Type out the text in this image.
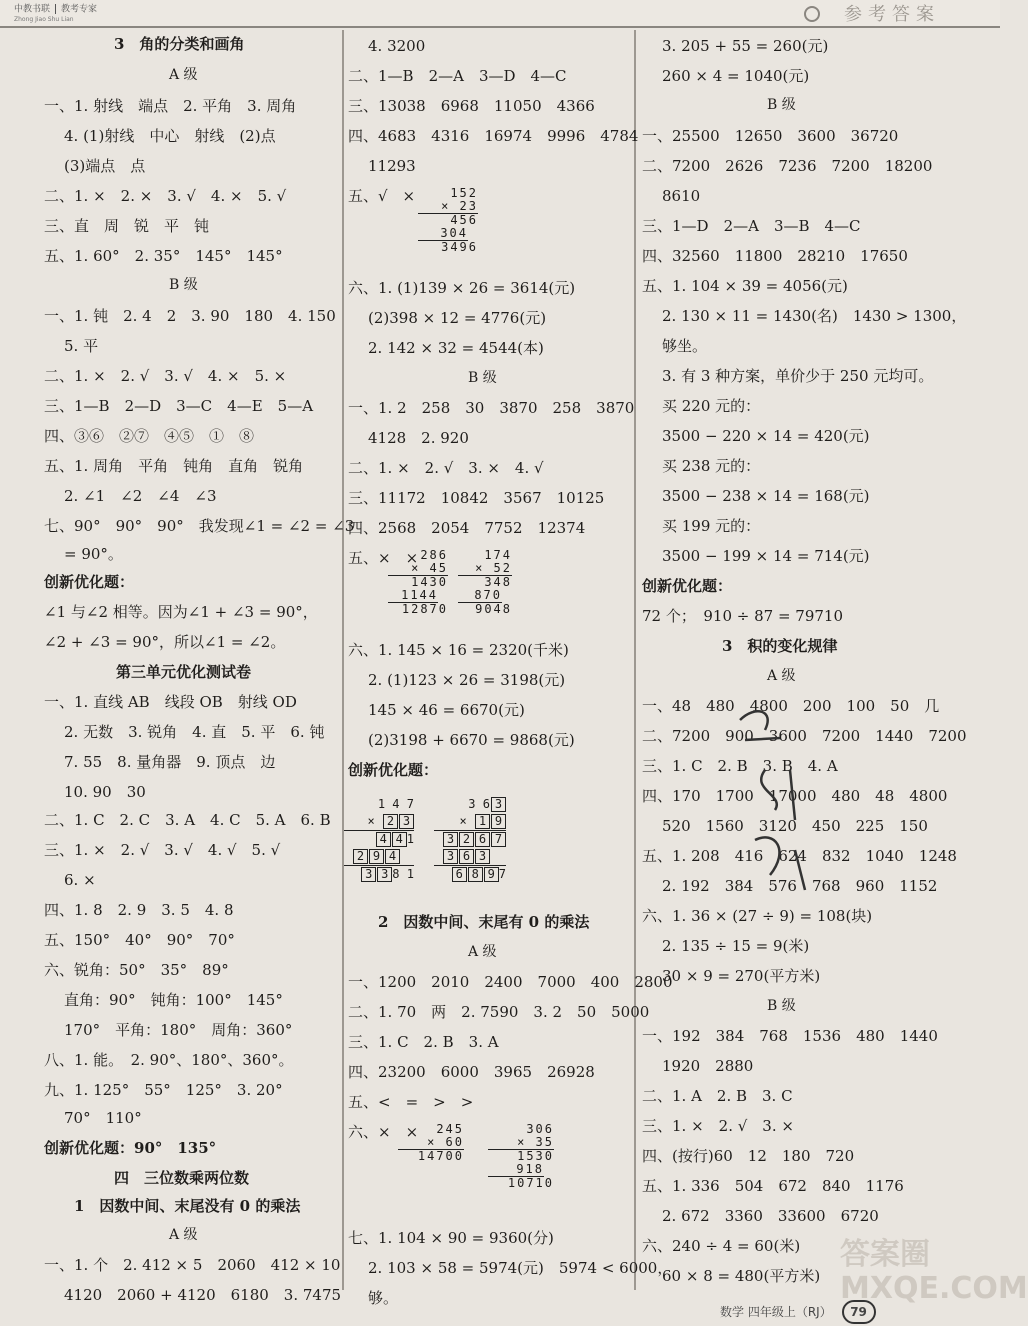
中教书联 教考专家
Zhong Jiao Shu Lian	参考答案
3　角的分类和画角
A 级
一、1. 射线　端点　2. 平角　3. 周角
4. (1)射线　中心　射线　(2)点
(3)端点　点
二、1. ×　2. ×　3. √　4. ×　5. √
三、直　周　锐　平　钝
五、1. 60°　2. 35°　145°　145°
B 级
一、1. 钝　2. 4　2　3. 90　180　4. 150
5. 平
二、1. ×　2. √　3. √　4. ×　5. ×
三、1—B　2—D　3—C　4—E　5—A
四、③⑥　②⑦　④⑤　①　⑧
五、1. 周角　平角　钝角　直角　锐角
2. ∠1　∠2　∠4　∠3
七、90°　90°　90°　我发现∠1 = ∠2 = ∠3
= 90°。
创新优化题：
∠1 与∠2 相等。因为∠1 + ∠3 = 90°，
∠2 + ∠3 = 90°，所以∠1 = ∠2。
第三单元优化测试卷
一、1. 直线 AB　线段 OB　射线 OD
2. 无数　3. 锐角　4. 直　5. 平　6. 钝
7. 55　8. 量角器　9. 顶点　边
10. 90　30
二、1. C　2. C　3. A　4. C　5. A　6. B
三、1. ×　2. √　3. √　4. √　5. √
6. ×
四、1. 8　2. 9　3. 5　4. 8
五、150°　40°　90°　70°
六、锐角：50°　35°　89°
直角：90°　钝角：100°　145°
170°　平角：180°　周角：360°
八、1. 能。　2. 90°、180°、360°。
九、1. 125°　55°　125°　3. 20°
70°　110°
创新优化题：90°　135°
四　三位数乘两位数
1　因数中间、末尾没有 0 的乘法
A 级
一、1. 个　2. 412 × 5　2060　412 × 10
4120　2060 + 4120　6180　3. 7475
4. 3200
二、1—B　2—A　3—D　4—C
三、13038　6968　11050　4366
四、4683　4316　16974　9996　4784
11293
五、√　×	152
× 23
456
304
3496
六、1. (1)139 × 26 = 3614(元)
(2)398 × 12 = 4776(元)
2. 142 × 32 = 4544(本)
B 级
一、1. 2　258　30　3870　258　3870
4128　2. 920
二、1. ×　2. √　3. ×　4. √
三、11172　10842　3567　10125
四、2568　2054　7752　12374
五、×　× 286
× 45
1430
1144
12870
174
× 52
348
870
9048
六、1. 145 × 16 = 2320(千米)
2. (1)123 × 26 = 3198(元)
145 × 46 = 6670(元)
(2)3198 + 6670 = 9868(元)
创新优化题：
1 4 7
× 2 3
4 4 1
2 9 4
3 3 8 1
3 6 3
× 1 9
3 2 6 7
3 6 3
6 8 9 7
2　因数中间、末尾有 0 的乘法
A 级
一、1200　2010　2400　7000　400　2800
二、1. 70　两　2. 7590　3. 2　50　5000
三、1. C　2. B　3. A
四、23200　6000　3965　26928
五、<　=　>　>
六、×　×	245
× 60
14700
306
× 35
1530
918
10710
七、1. 104 × 90 = 9360(分)
2. 103 × 58 = 5974(元)　5974 < 6000，
够。
3. 205 + 55 = 260(元)
260 × 4 = 1040(元)
B 级
一、25500　12650　3600　36720
二、7200　2626　7236　7200　18200
8610
三、1—D　2—A　3—B　4—C
四、32560　11800　28210　17650
五、1. 104 × 39 = 4056(元)
2. 130 × 11 = 1430(名)　1430 > 1300，
够坐。
3. 有 3 种方案，单价少于 250 元均可。
买 220 元的：
3500 − 220 × 14 = 420(元)
买 238 元的：
3500 − 238 × 14 = 168(元)
买 199 元的：
3500 − 199 × 14 = 714(元)
创新优化题：
72 个；　910 ÷ 87 = 79710
3　积的变化规律
A 级
一、48　480　4800　200　100　50　几
二、7200　900　3600　7200　1440　7200
三、1. C　2. B　3. B　4. A
四、170　1700　17000　480　48　4800
520　1560　3120　450　225　150
五、1. 208　416　624　832　1040　1248
2. 192　384　576　768　960　1152
六、1. 36 × (27 ÷ 9) = 108(块)
2. 135 ÷ 15 = 9(米)
30 × 9 = 270(平方米)
B 级
一、192　384　768　1536　480　1440
1920　2880
二、1. A　2. B　3. C
三、1. ×　2. √　3. ×
四、(按行)60　12　180　720
五、1. 336　504　672　840　1176
2. 672　3360　33600　6720
六、240 ÷ 4 = 60(米)
60 × 8 = 480(平方米)
答案圈 MXQE.COM
数学 四年级上（RJ） 79
